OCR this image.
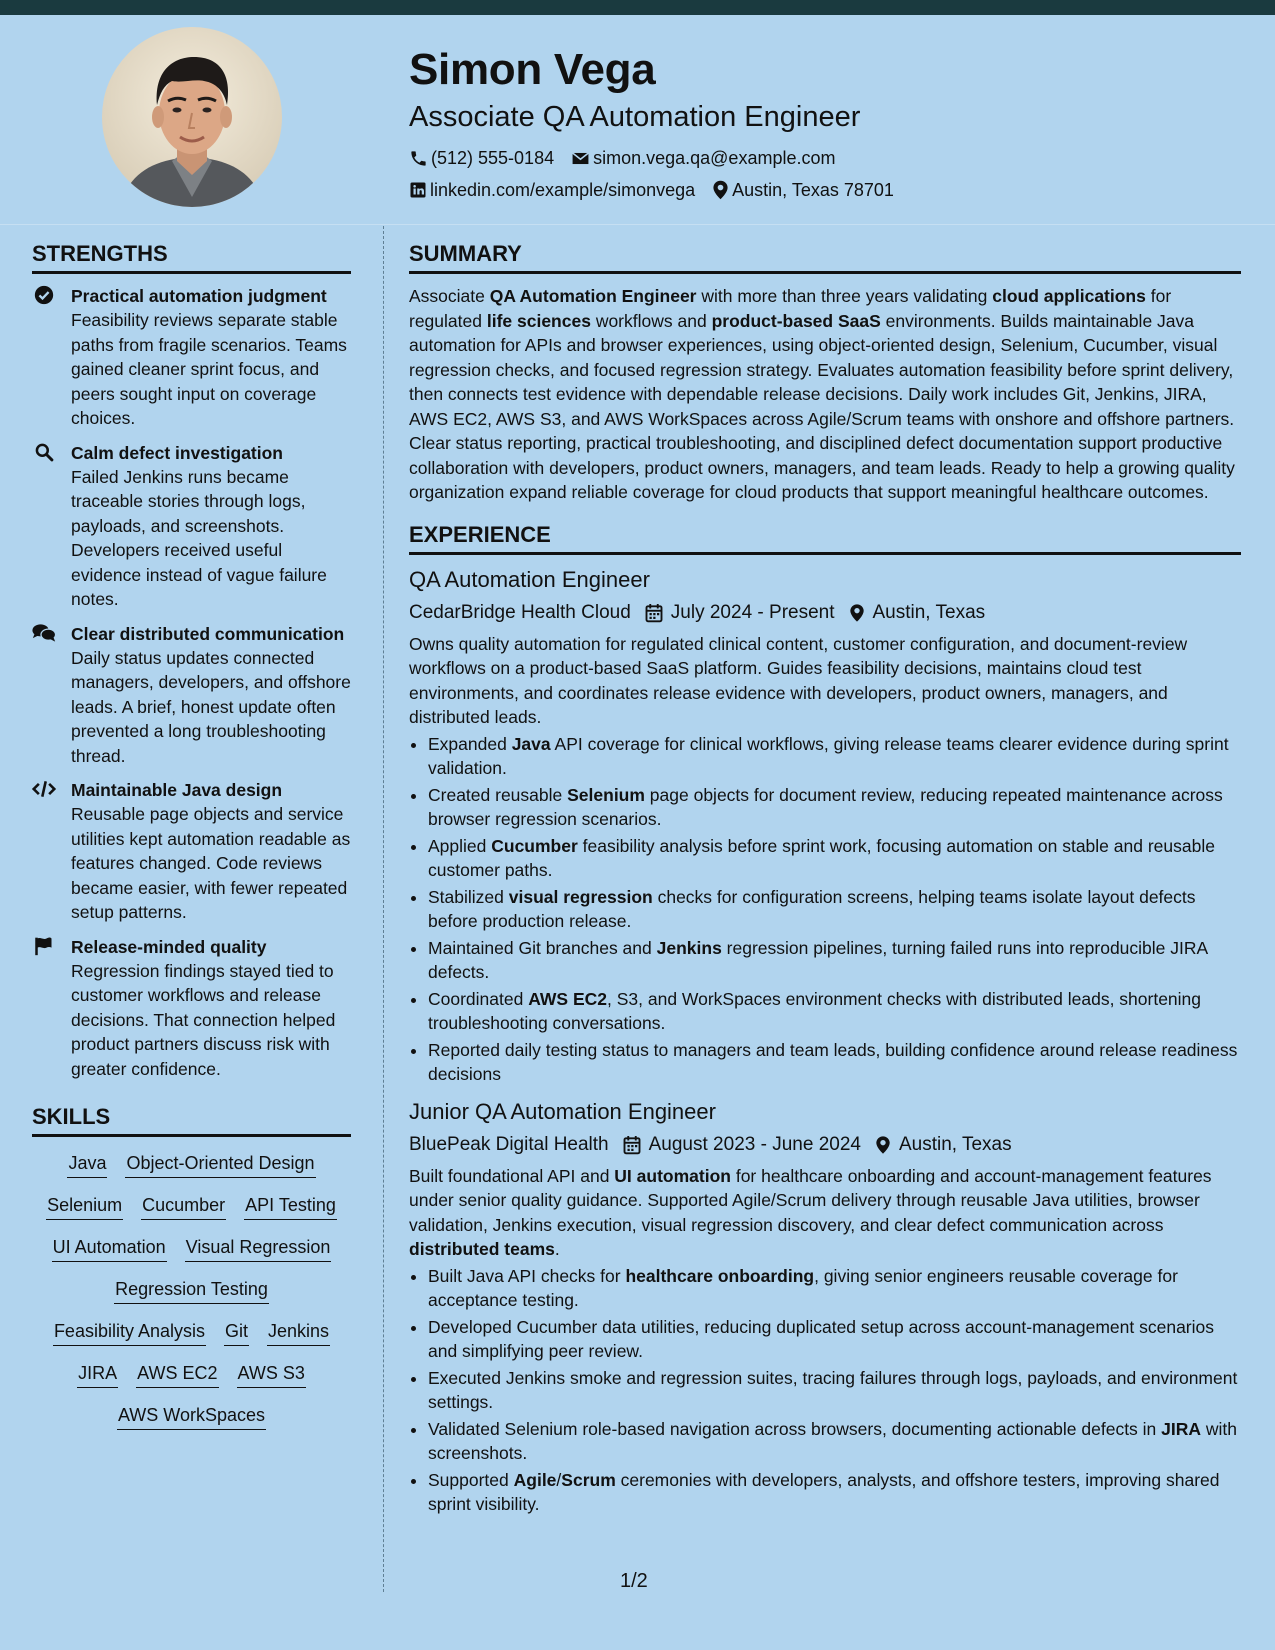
Simon Vega
Associate QA Automation Engineer
(512) 555-0184 simon.vega.qa@example.com
linkedin.com/example/simonvega Austin, Texas 78701
STRENGTHS
Practical automation judgment
Feasibility reviews separate stable paths from fragile scenarios. Teams gained cleaner sprint focus, and peers sought input on coverage choices.
Calm defect investigation
Failed Jenkins runs became traceable stories through logs, payloads, and screenshots. Developers received useful evidence instead of vague failure notes.
Clear distributed communication
Daily status updates connected managers, developers, and offshore leads. A brief, honest update often prevented a long troubleshooting thread.
Maintainable Java design
Reusable page objects and service utilities kept automation readable as features changed. Code reviews became easier, with fewer repeated setup patterns.
Release-minded quality
Regression findings stayed tied to customer workflows and release decisions. That connection helped product partners discuss risk with greater confidence.
SKILLS
Java Object-Oriented Design
Selenium Cucumber API Testing
UI Automation Visual Regression
Regression Testing
Feasibility Analysis Git Jenkins
JIRA AWS EC2 AWS S3
AWS WorkSpaces
SUMMARY

Associate QA Automation Engineer with more than three years validating cloud applications for regulated life sciences workflows and product-based SaaS environments. Builds maintainable Java automation for APIs and browser experiences, using object-oriented design, Selenium, Cucumber, visual regression checks, and focused regression strategy. Evaluates automation feasibility before sprint delivery, then connects test evidence with dependable release decisions. Daily work includes Git, Jenkins, JIRA, AWS EC2, AWS S3, and AWS WorkSpaces across Agile/Scrum teams with onshore and offshore partners. Clear status reporting, practical troubleshooting, and disciplined defect documentation support productive collaboration with developers, product owners, managers, and team leads. Ready to help a growing quality organization expand reliable coverage for cloud products that support meaningful healthcare outcomes.

EXPERIENCE
QA Automation Engineer
CedarBridge Health Cloud July 2024 - Present Austin, Texas

Owns quality automation for regulated clinical content, customer configuration, and document-review workflows on a product-based SaaS platform. Guides feasibility decisions, maintains cloud test environments, and coordinates release evidence with developers, product owners, managers, and distributed leads.

• Expanded Java API coverage for clinical workflows, giving release teams clearer evidence during sprint validation.
• Created reusable Selenium page objects for document review, reducing repeated maintenance across browser regression scenarios.
• Applied Cucumber feasibility analysis before sprint work, focusing automation on stable and reusable customer paths.
• Stabilized visual regression checks for configuration screens, helping teams isolate layout defects before production release.
• Maintained Git branches and Jenkins regression pipelines, turning failed runs into reproducible JIRA defects.
• Coordinated AWS EC2, S3, and WorkSpaces environment checks with distributed leads, shortening troubleshooting conversations.
• Reported daily testing status to managers and team leads, building confidence around release readiness decisions
Junior QA Automation Engineer
BluePeak Digital Health August 2023 - June 2024 Austin, Texas

Built foundational API and UI automation for healthcare onboarding and account-management features under senior quality guidance. Supported Agile/Scrum delivery through reusable Java utilities, browser validation, Jenkins execution, visual regression discovery, and clear defect communication across distributed teams.

• Built Java API checks for healthcare onboarding, giving senior engineers reusable coverage for acceptance testing.
• Developed Cucumber data utilities, reducing duplicated setup across account-management scenarios and simplifying peer review.
• Executed Jenkins smoke and regression suites, tracing failures through logs, payloads, and environment settings.
• Validated Selenium role-based navigation across browsers, documenting actionable defects in JIRA with screenshots.
• Supported Agile/Scrum ceremonies with developers, analysts, and offshore testers, improving shared sprint visibility.
1/2
